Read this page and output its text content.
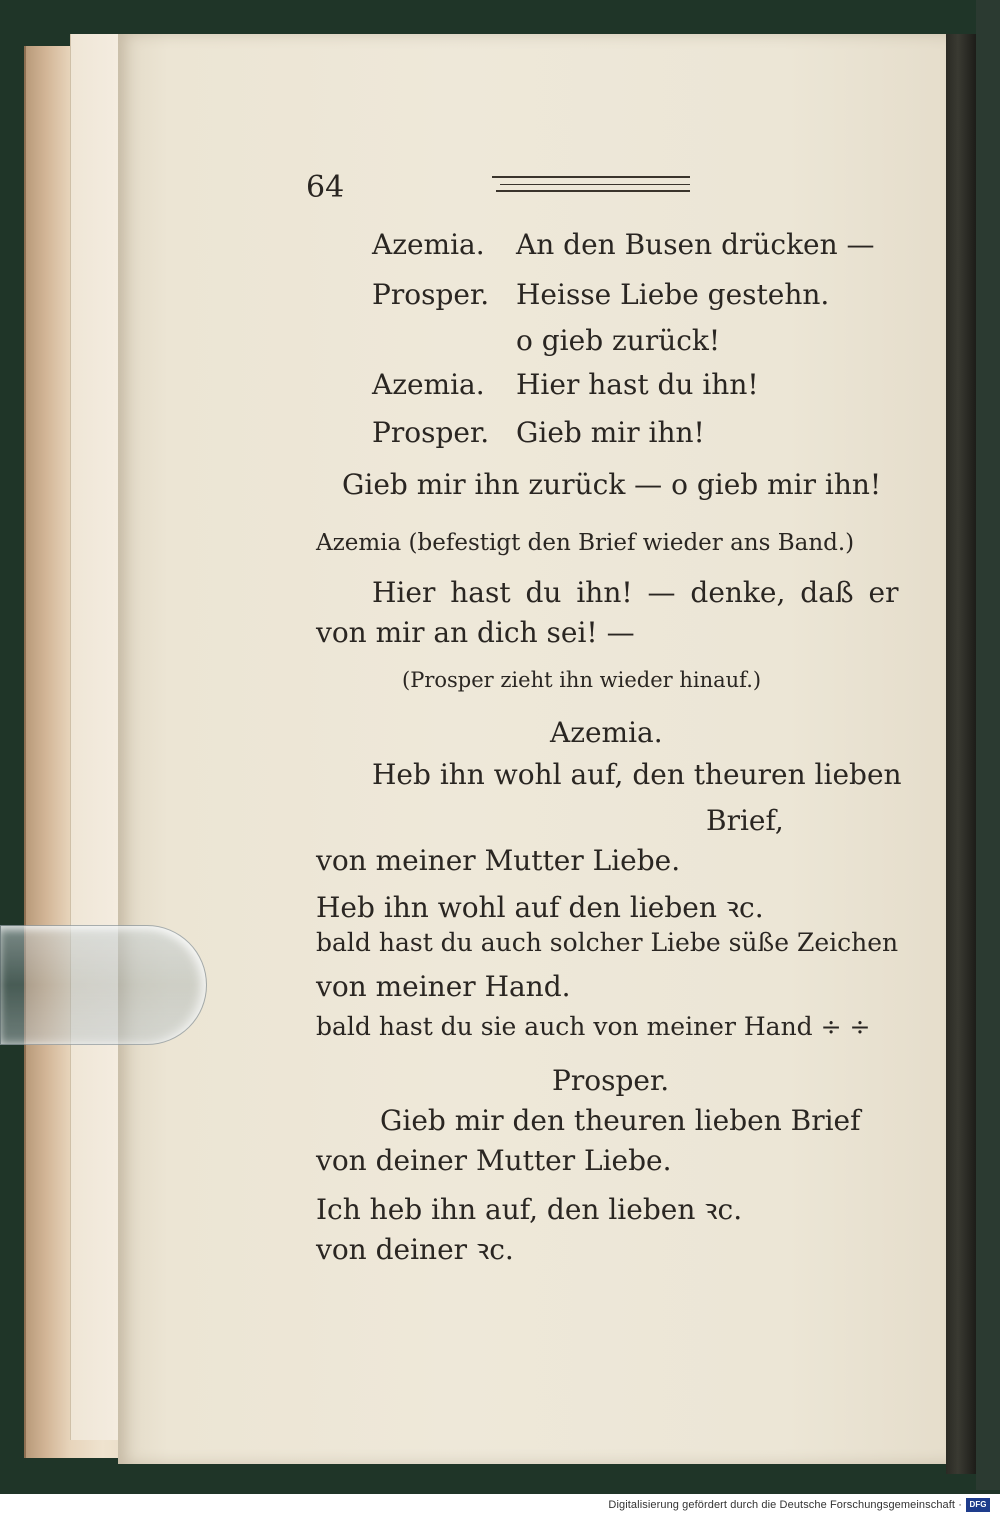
64
Azemia. An den Busen drücken —
Prosper. Heisse Liebe gestehn.
o gieb zurück!
Azemia. Hier hast du ihn!
Prosper. Gieb mir ihn!
Gieb mir ihn zurück — o gieb mir ihn!
Azemia (befestigt den Brief wieder ans Band.)
Hier hast du ihn! — denke, daß er
von mir an dich sei! —
(Prosper zieht ihn wieder hinauf.)
Azemia.
Heb ihn wohl auf, den theuren lieben
Brief,
von meiner Mutter Liebe.
Heb ihn wohl auf den lieben ꝛc.
bald hast du auch solcher Liebe süße Zeichen
von meiner Hand.
bald hast du sie auch von meiner Hand ÷ ÷
Prosper.
Gieb mir den theuren lieben Brief
von deiner Mutter Liebe.
Ich heb ihn auf, den lieben ꝛc.
von deiner ꝛc.
Digitalisierung gefördert durch die Deutsche Forschungsgemeinschaft · DFG
